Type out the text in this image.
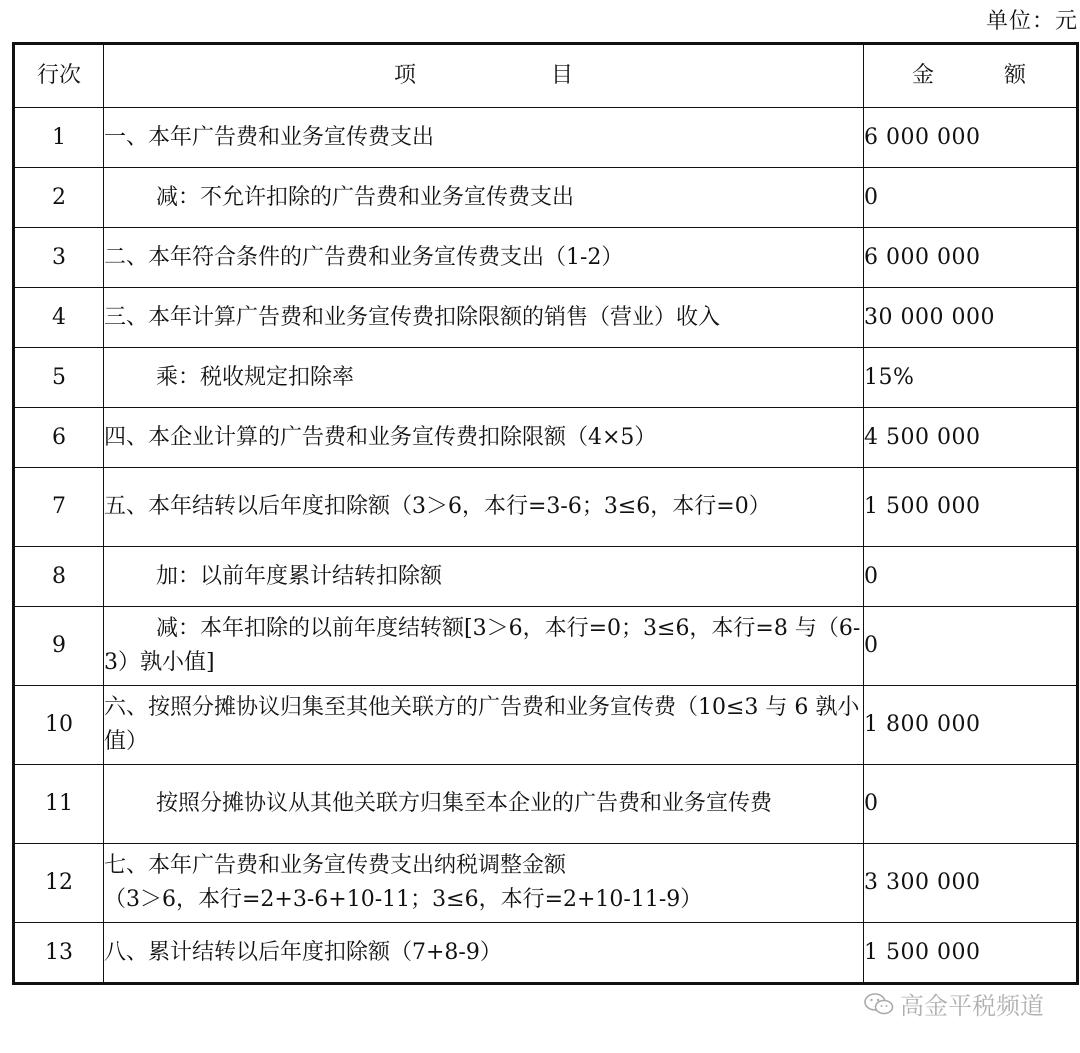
单位：元
行次	项 目	金 额

1	一、本年广告费和业务宣传费支出	6 000 000
2	减：不允许扣除的广告费和业务宣传费支出	0
3	二、本年符合条件的广告费和业务宣传费支出（1-2）	6 000 000
4	三、本年计算广告费和业务宣传费扣除限额的销售（营业）收入	30 000 000
5	乘：税收规定扣除率	15%
6	四、本企业计算的广告费和业务宣传费扣除限额（4×5）	4 500 000
7	五、本年结转以后年度扣除额（3＞6，本行=3-6；3≤6，本行=0）	1 500 000
8	加：以前年度累计结转扣除额	0
9	减：本年扣除的以前年度结转额[3＞6，本行=0；3≤6，本行=8 与（6-3）孰小值]	0
10	六、按照分摊协议归集至其他关联方的广告费和业务宣传费（10≤3 与 6 孰小值）	1 800 000
11	按照分摊协议从其他关联方归集至本企业的广告费和业务宣传费	0
12	七、本年广告费和业务宣传费支出纳税调整金额
（3＞6，本行=2+3-6+10-11；3≤6，本行=2+10-11-9）	3 300 000
13	八、累计结转以后年度扣除额（7+8-9）	1 500 000
高金平税频道
